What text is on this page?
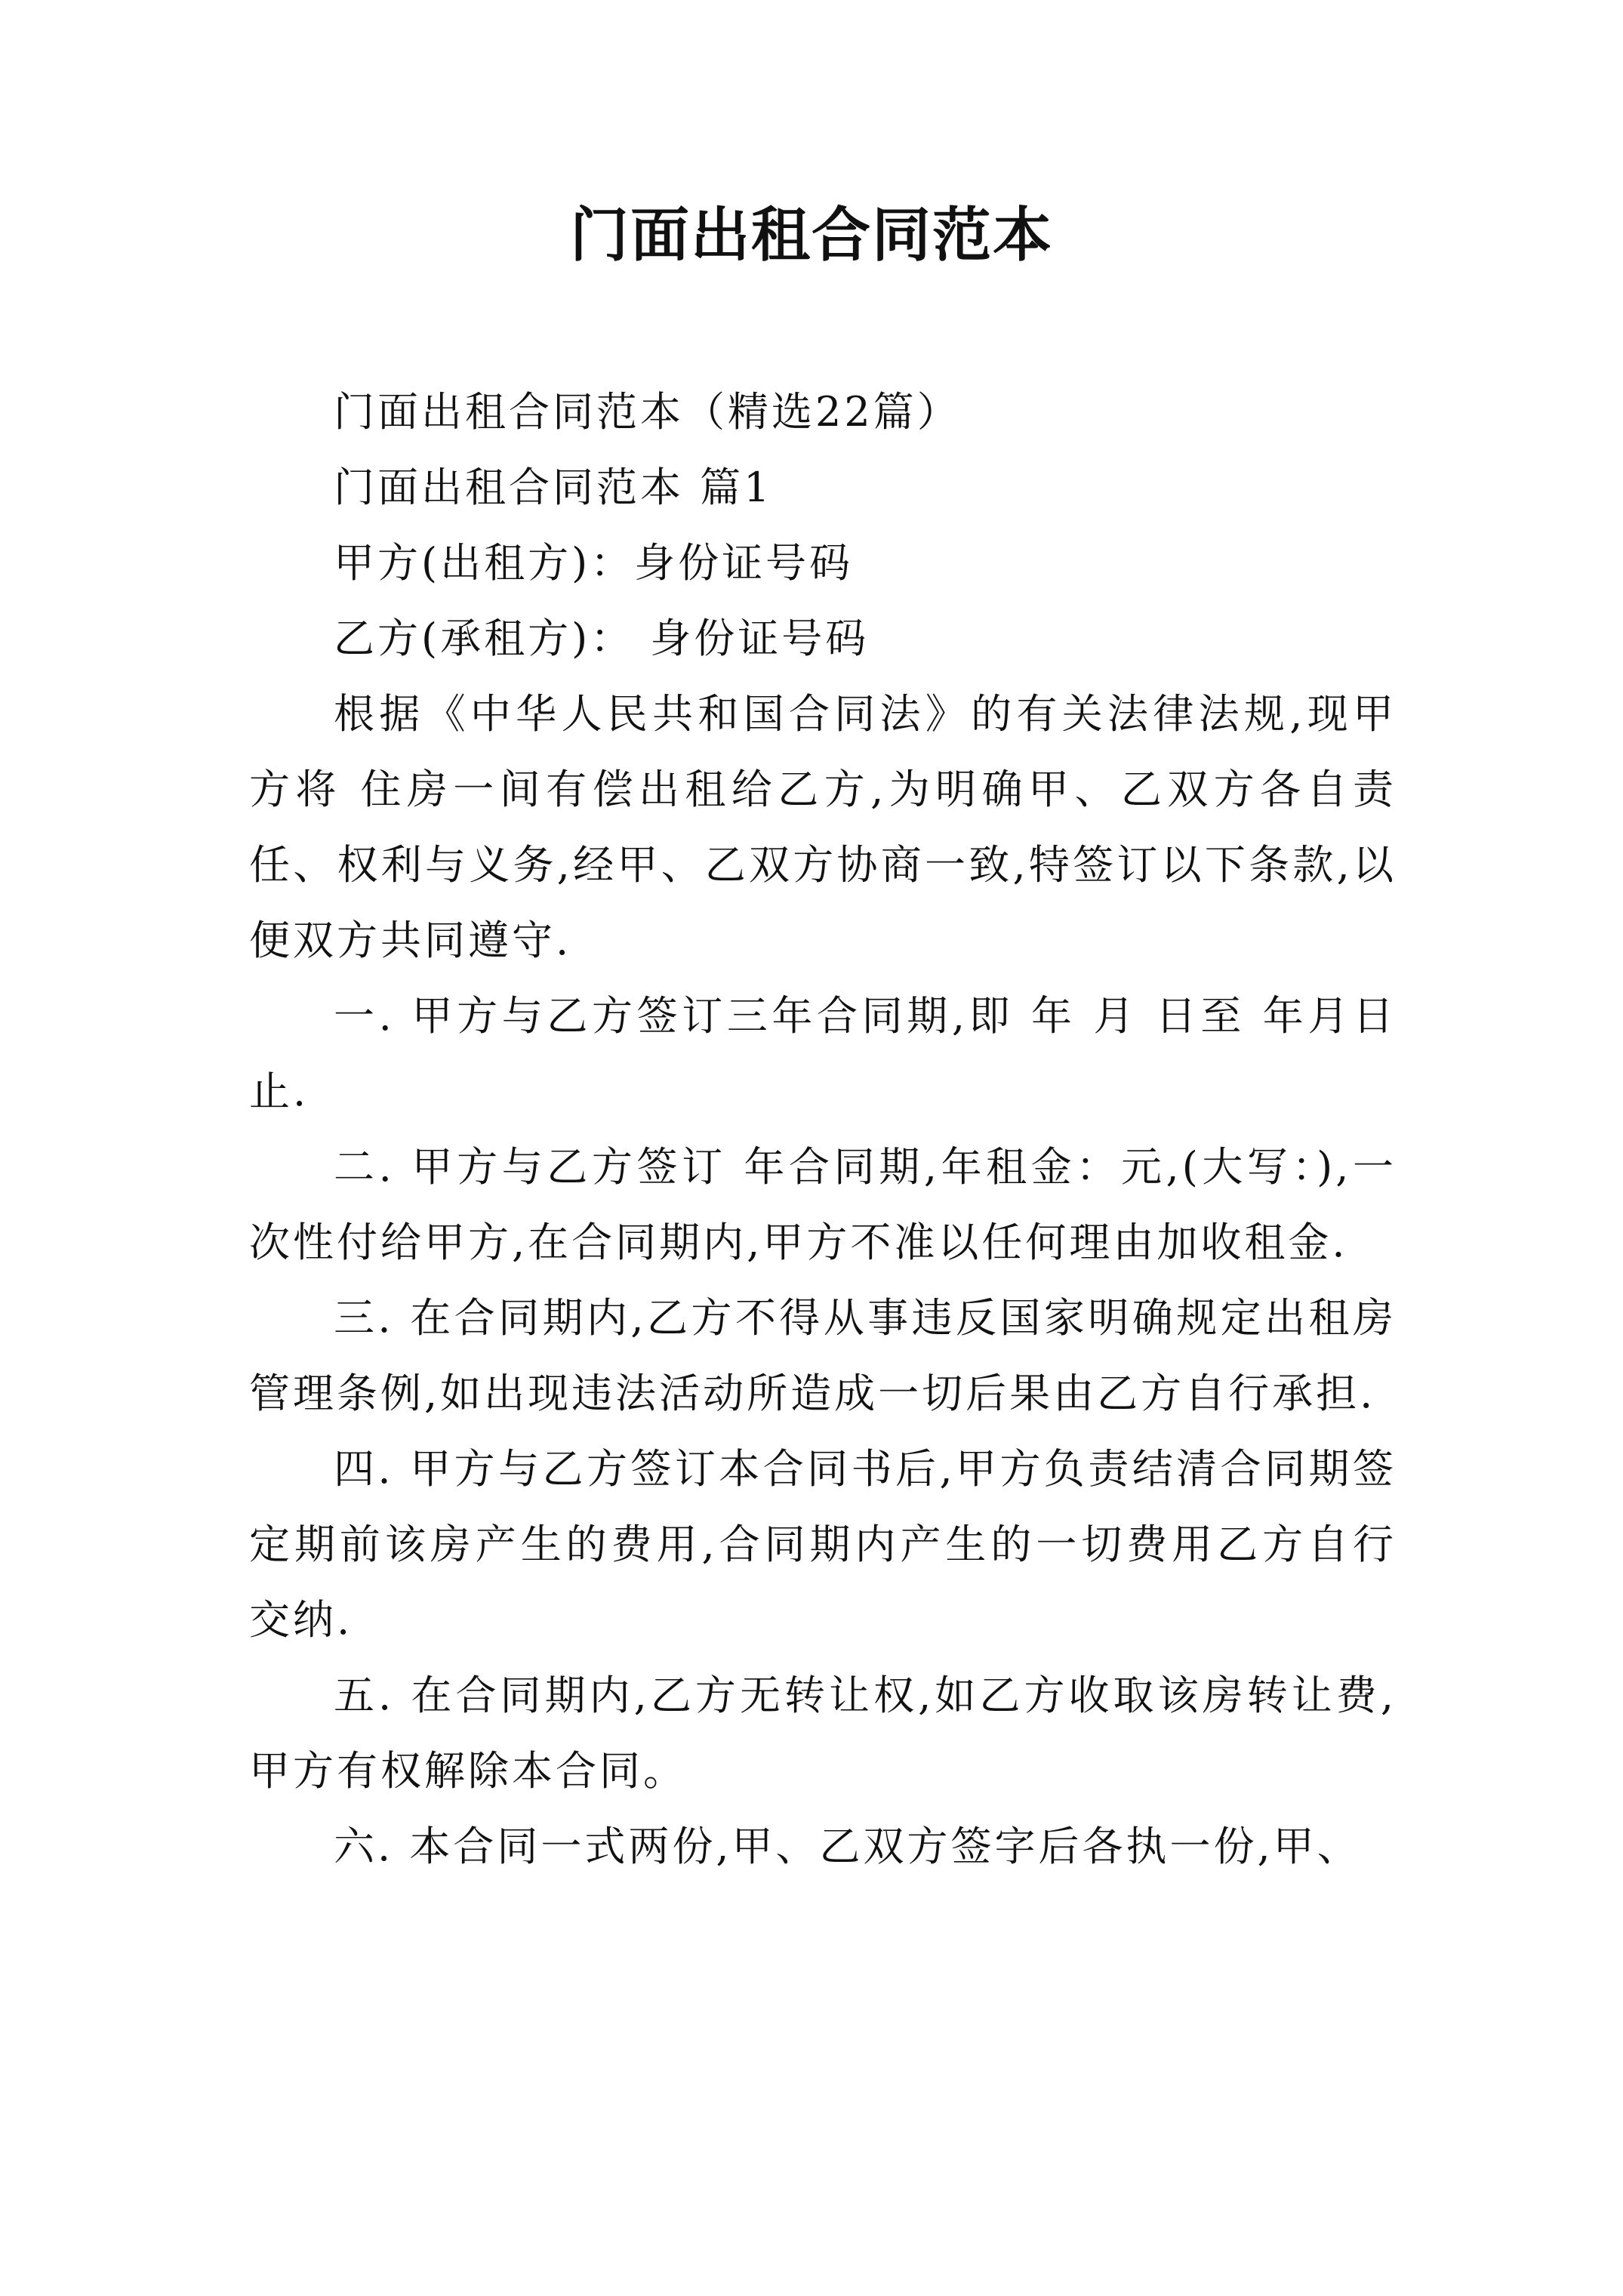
门面出租合同范本

门面出租合同范本（精选22篇）

门面出租合同范本 篇1

甲方(出租方)：身份证号码

乙方(承租方)： 身份证号码

根据《中华人民共和国合同法》的有关法律法规,现甲方将 住房一间有偿出租给乙方,为明确甲、乙双方各自责任、权利与义务,经甲、乙双方协商一致,特签订以下条款,以便双方共同遵守.

一. 甲方与乙方签订三年合同期,即 年 月 日至 年月日止.

二. 甲方与乙方签订 年合同期,年租金：元,(大写：),一次性付给甲方,在合同期内,甲方不准以任何理由加收租金.

三. 在合同期内,乙方不得从事违反国家明确规定出租房管理条例,如出现违法活动所造成一切后果由乙方自行承担.

四. 甲方与乙方签订本合同书后,甲方负责结清合同期签定期前该房产生的费用,合同期内产生的一切费用乙方自行交纳.

五. 在合同期内,乙方无转让权,如乙方收取该房转让费,甲方有权解除本合同。

六. 本合同一式两份,甲、乙双方签字后各执一份,甲、
